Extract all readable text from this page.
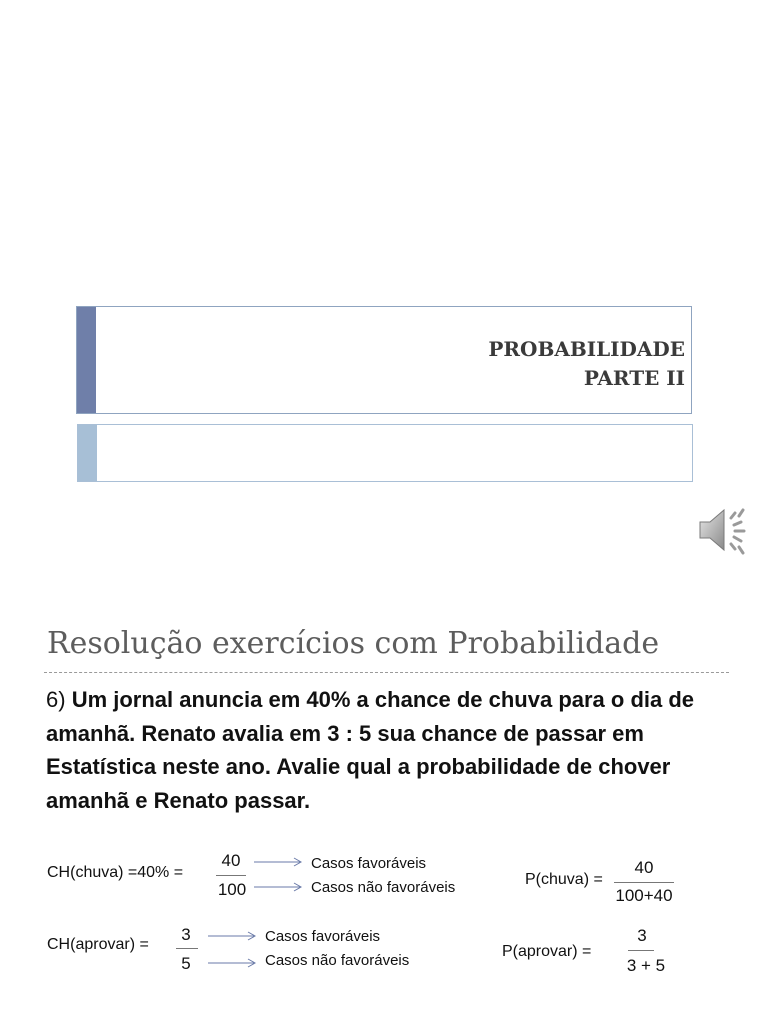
PROBABILIDADE
PARTE II
Resolução exercícios com Probabilidade
6) Um jornal anuncia em 40% a chance de chuva para o dia de amanhã. Renato avalia em 3 : 5 sua chance de passar em Estatística neste ano. Avalie qual a probabilidade de chover amanhã e Renato passar.
CH(chuva) =40% =
40
100
Casos favoráveis
Casos não favoráveis	P(chuva) =
40
100+40
CH(aprovar) =
3
5
Casos favoráveis
Casos não favoráveis
P(aprovar) =
3
3 + 5
